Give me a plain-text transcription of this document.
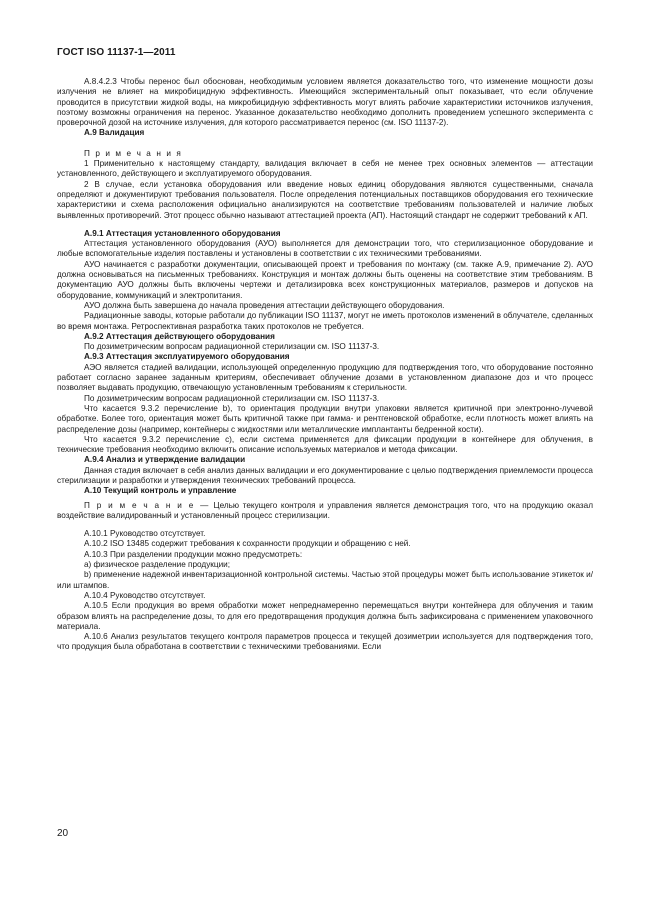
ГОСТ ISO 11137-1—2011

A.8.4.2.3 Чтобы перенос был обоснован, необходимым условием является доказательство того, что изменение мощности дозы излучения не влияет на микробицидную эффективность. Имеющийся экспериментальный опыт показывает, что если облучение проводится в присутствии жидкой воды, на микробицидную эффективность могут влиять рабочие характеристики источников излучения, поэтому возможны ограничения на перенос. Указанное доказательство необходимо дополнить проведением успешного эксперимента с проверочной дозой на источнике излучения, для которого рассматривается перенос (см. ISO 11137-2).

A.9 Валидация

П р и м е ч а н и я

1 Применительно к настоящему стандарту, валидация включает в себя не менее трех основных элементов — аттестации установленного, действующего и эксплуатируемого оборудования.

2 В случае, если установка оборудования или введение новых единиц оборудования являются существенными, сначала определяют и документируют требования пользователя. После определения потенциальных поставщиков оборудования его технические характеристики и схема расположения официально анализируются на соответствие требованиям пользователей и наличие любых выявленных противоречий. Этот процесс обычно называют аттестацией проекта (АП). Настоящий стандарт не содержит требований к АП.

A.9.1 Аттестация установленного оборудования

Аттестация установленного оборудования (АУО) выполняется для демонстрации того, что стерилизационное оборудование и любые вспомогательные изделия поставлены и установлены в соответствии с их техническими требованиями.

АУО начинается с разработки документации, описывающей проект и требования по монтажу (см. также A.9, примечание 2). АУО должна основываться на письменных требованиях. Конструкция и монтаж должны быть оценены на соответствие этим требованиям. В документацию АУО должны быть включены чертежи и детализировка всех конструкционных материалов, размеров и допусков на оборудование, коммуникаций и электропитания.

АУО должна быть завершена до начала проведения аттестации действующего оборудования.

Радиационные заводы, которые работали до публикации ISO 11137, могут не иметь протоколов изменений в облучателе, сделанных во время монтажа. Ретроспективная разработка таких протоколов не требуется.

A.9.2 Аттестация действующего оборудования

По дозиметрическим вопросам радиационной стерилизации см. ISO 11137-3.

A.9.3 Аттестация эксплуатируемого оборудования

АЭО является стадией валидации, использующей определенную продукцию для подтверждения того, что оборудование постоянно работает согласно заранее заданным критериям, обеспечивает облучение дозами в установленном диапазоне доз и что процесс позволяет выдавать продукцию, отвечающую установленным требованиям к стерильности.

По дозиметрическим вопросам радиационной стерилизации см. ISO 11137-3.

Что касается 9.3.2 перечисление b), то ориентация продукции внутри упаковки является критичной при электронно-лучевой обработке. Более того, ориентация может быть критичной также при гамма- и рентгеновской обработке, если плотность может влиять на распределение дозы (например, контейнеры с жидкостями или металлические имплантанты бедренной кости).

Что касается 9.3.2 перечисление c), если система применяется для фиксации продукции в контейнере для облучения, в технические требования необходимо включить описание используемых материалов и метода фиксации.

A.9.4 Анализ и утверждение валидации

Данная стадия включает в себя анализ данных валидации и его документирование с целью подтверждения приемлемости процесса стерилизации и разработки и утверждения технических требований процесса.

A.10 Текущий контроль и управление

П р и м е ч а н и е — Целью текущего контроля и управления является демонстрация того, что на продукцию оказал воздействие валидированный и установленный процесс стерилизации.

A.10.1 Руководство отсутствует.

A.10.2 ISO 13485 содержит требования к сохранности продукции и обращению с ней.

A.10.3 При разделении продукции можно предусмотреть:

a) физическое разделение продукции;

b) применение надежной инвентаризационной контрольной системы. Частью этой процедуры может быть использование этикеток и/или штампов.

A.10.4 Руководство отсутствует.

A.10.5 Если продукция во время обработки может непреднамеренно перемещаться внутри контейнера для облучения и таким образом влиять на распределение дозы, то для его предотвращения продукция должна быть зафиксирована с применением упаковочного материала.

A.10.6 Анализ результатов текущего контроля параметров процесса и текущей дозиметрии используется для подтверждения того, что продукция была обработана в соответствии с техническими требованиями. Если

20
